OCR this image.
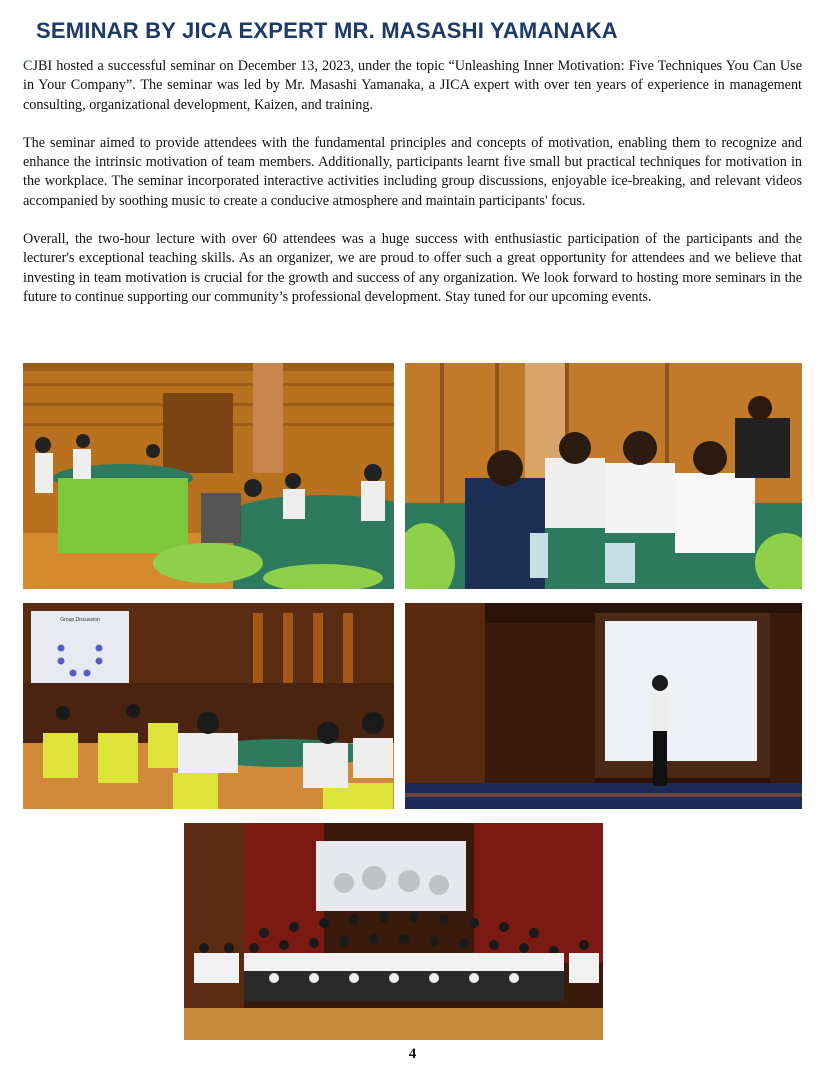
SEMINAR BY JICA EXPERT MR. MASASHI YAMANAKA

CJBI hosted a successful seminar on December 13, 2023, under the topic “Unleashing Inner Motivation: Five Techniques You Can Use in Your Company”. The seminar was led by Mr. Masashi Yamanaka, a JICA expert with over ten years of experience in management consulting, organizational development, Kaizen, and training.

The seminar aimed to provide attendees with the fundamental principles and concepts of motivation, enabling them to recognize and enhance the intrinsic motivation of team members. Additionally, participants learnt five small but practical techniques for motivation in the workplace. The seminar incorporated interactive activities including group discussions, enjoyable ice-breaking, and relevant videos accompanied by soothing music to create a conducive atmosphere and maintain participants' focus.

Overall, the two-hour lecture with over 60 attendees was a huge success with enthusiastic participation of the participants and the lecturer's exceptional teaching skills. As an organizer, we are proud to offer such a great opportunity for attendees and we believe that investing in team motivation is crucial for the growth and success of any organization. We look forward to hosting more seminars in the future to continue supporting our community’s professional development. Stay tuned for our upcoming events.

Group Discussion
4
